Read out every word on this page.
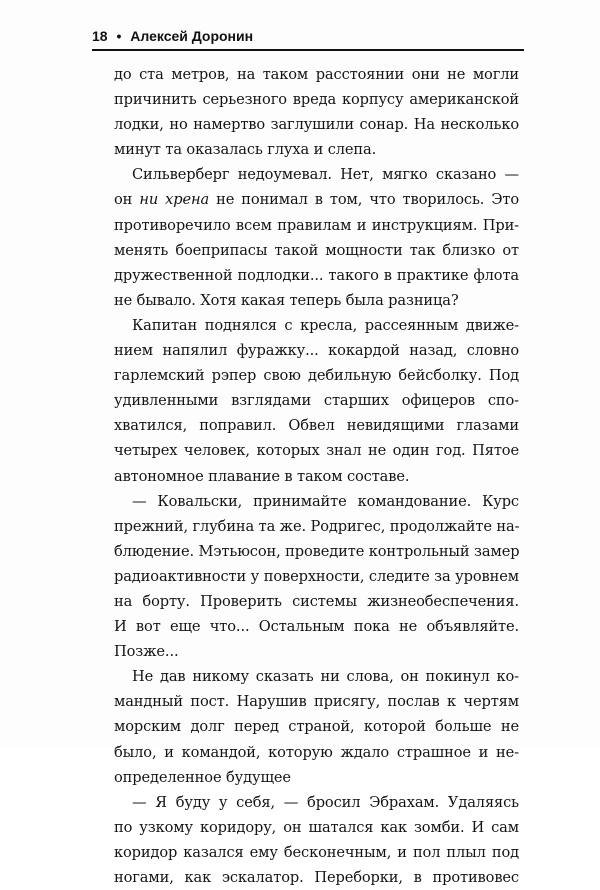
18 • Алексей Доронин
до ста метров, на таком расстоянии они не могли
причинить серьезного вреда корпусу американской
лодки, но намертво заглушили сонар. На несколько
минут та оказалась глуха и слепа.
Сильверберг недоумевал. Нет, мягко сказано —
он ни хрена не понимал в том, что творилось. Это
противоречило всем правилам и инструкциям. При-
менять боеприпасы такой мощности так близко от
дружественной подлодки... такого в практике флота
не бывало. Хотя какая теперь была разница?
Капитан поднялся с кресла, рассеянным движе-
нием напялил фуражку... кокардой назад, словно
гарлемский рэпер свою дебильную бейсболку. Под
удивленными взглядами старших офицеров спо-
хватился, поправил. Обвел невидящими глазами
четырех человек, которых знал не один год. Пятое
автономное плавание в таком составе.
— Ковальски, принимайте командование. Курс
прежний, глубина та же. Родригес, продолжайте на-
блюдение. Мэтьюсон, проведите контрольный замер
радиоактивности у поверхности, следите за уровнем
на борту. Проверить системы жизнеобеспечения.
И вот еще что... Остальным пока не объявляйте.
Позже...
Не дав никому сказать ни слова, он покинул ко-
мандный пост. Нарушив присягу, послав к чертям
морским долг перед страной, которой больше не
было, и командой, которую ждало страшное и не-
определенное будущее
— Я буду у себя, — бросил Эбрахам. Удаляясь
по узкому коридору, он шатался как зомби. И сам
коридор казался ему бесконечным, и пол плыл под
ногами, как эскалатор. Переборки, в противовес
